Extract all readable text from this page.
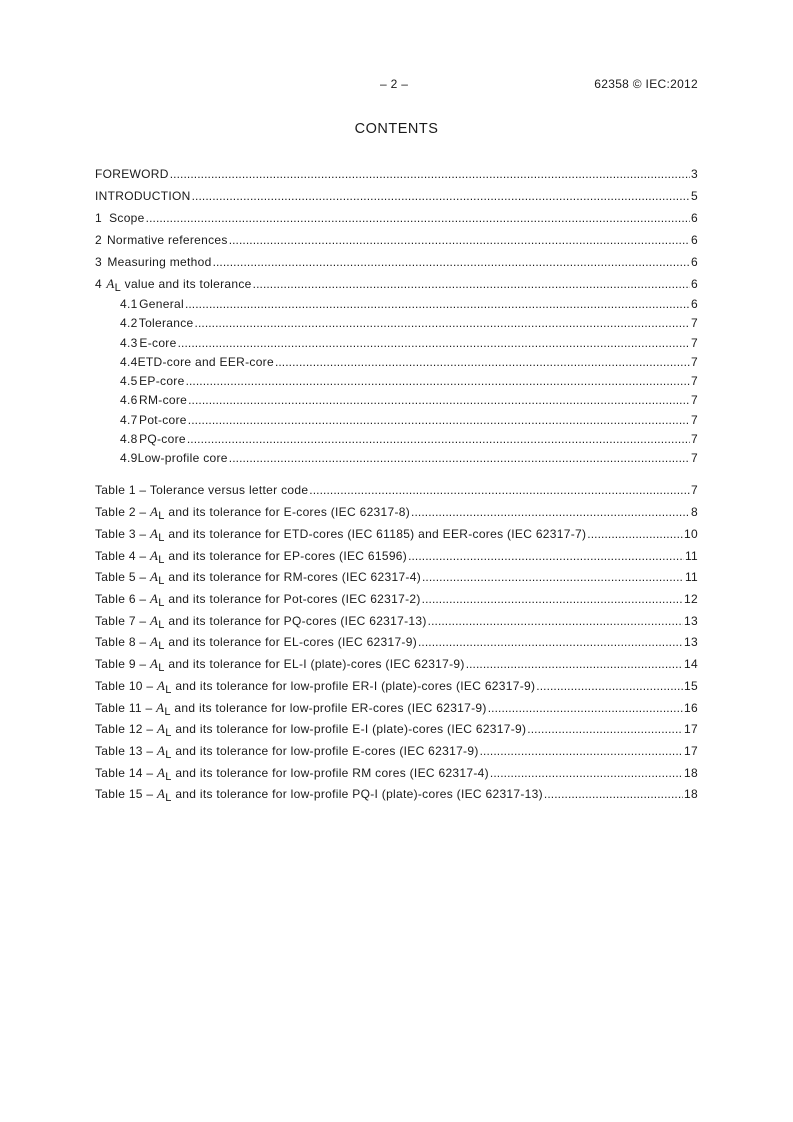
– 2 –	62358 © IEC:2012
CONTENTS
FOREWORD .....	3
INTRODUCTION .....	5
1 Scope .....	6
2 Normative references .....	6
3 Measuring method .....	6
4 $A_L$ value and its tolerance .....	6
4.1 General .....	6
4.2 Tolerance .....	7
4.3 E-core .....	7
4.4 ETD-core and EER-core .....	7
4.5 EP-core .....	7
4.6 RM-core .....	7
4.7 Pot-core .....	7
4.8 PQ-core .....	7
4.9 Low-profile core .....	7
Table 1 – Tolerance versus letter code .....	7
Table $2 - A_L$ and its tolerance for E-cores (IEC 62317-8) .....	8
Table $3 - A_L$ and its tolerance for ETD-cores (IEC 61185) and EER-cores (IEC 62317-7) .....	10
Table $4 - A_L$ and its tolerance for EP-cores (IEC 61596) .....	11
Table $5 - A_L$ and its tolerance for RM-cores (IEC 62317-4) .....	11
Table $6 - A_L$ and its tolerance for Pot-cores (IEC 62317-2) .....	12
Table $7 - A_L$ and its tolerance for PQ-cores (IEC 62317-13) .....	13
Table $8 - A_L$ and its tolerance for EL-cores (IEC 62317-9) .....	13
Table $9 - A_L$ and its tolerance for EL-I (plate)-cores (IEC 62317-9) .....	14
Table $10 - A_L$ and its tolerance for low-profile ER-I (plate)-cores (IEC 62317-9) .....	15
Table $11 - A_L$ and its tolerance for low-profile ER-cores (IEC 62317-9) .....	16
Table $12 - A_L$ and its tolerance for low-profile E-I (plate)-cores (IEC 62317-9) .....	17
Table $13 - A_L$ and its tolerance for low-profile E-cores (IEC 62317-9) .....	17
Table $14 - A_L$ and its tolerance for low-profile RM cores (IEC 62317-4) .....	18
Table $15 - A_L$ and its tolerance for low-profile PQ-I (plate)-cores (IEC 62317-13) .....	18
